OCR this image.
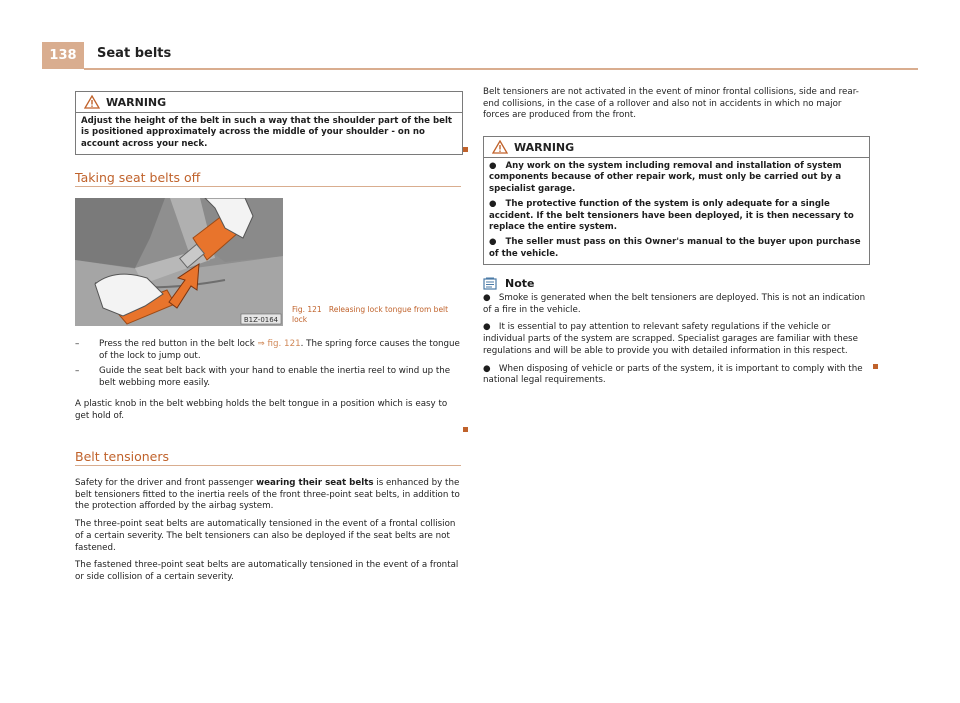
138	Seat belts
WARNING

Adjust the height of the belt in such a way that the shoulder part of the belt is positioned approximately across the middle of your shoulder - on no account across your neck.

Taking seat belts off
B1Z-0164
Fig. 121 Releasing lock tongue from belt lock
–	Press the red button in the belt lock ⇒ fig. 121. The spring force causes the tongue of the lock to jump out.
–	Guide the seat belt back with your hand to enable the inertia reel to wind up the belt webbing more easily.

A plastic knob in the belt webbing holds the belt tongue in a position which is easy to get hold of.

Belt tensioners

Safety for the driver and front passenger wearing their seat belts is enhanced by the belt tensioners fitted to the inertia reels of the front three-point seat belts, in addition to the protection afforded by the airbag system.

The three-point seat belts are automatically tensioned in the event of a frontal collision of a certain severity. The belt tensioners can also be deployed if the seat belts are not fastened.

The fastened three-point seat belts are automatically tensioned in the event of a frontal or side collision of a certain severity.

Belt tensioners are not activated in the event of minor frontal collisions, side and rear-end collisions, in the case of a rollover and also not in accidents in which no major forces are produced from the front.

WARNING

● Any work on the system including removal and installation of system components because of other repair work, must only be carried out by a specialist garage.

● The protective function of the system is only adequate for a single accident. If the belt tensioners have been deployed, it is then necessary to replace the entire system.

● The seller must pass on this Owner's manual to the buyer upon purchase of the vehicle.

Note

● Smoke is generated when the belt tensioners are deployed. This is not an indication of a fire in the vehicle.

● It is essential to pay attention to relevant safety regulations if the vehicle or individual parts of the system are scrapped. Specialist garages are familiar with these regulations and will be able to provide you with detailed information in this respect.

● When disposing of vehicle or parts of the system, it is important to comply with the national legal requirements.
